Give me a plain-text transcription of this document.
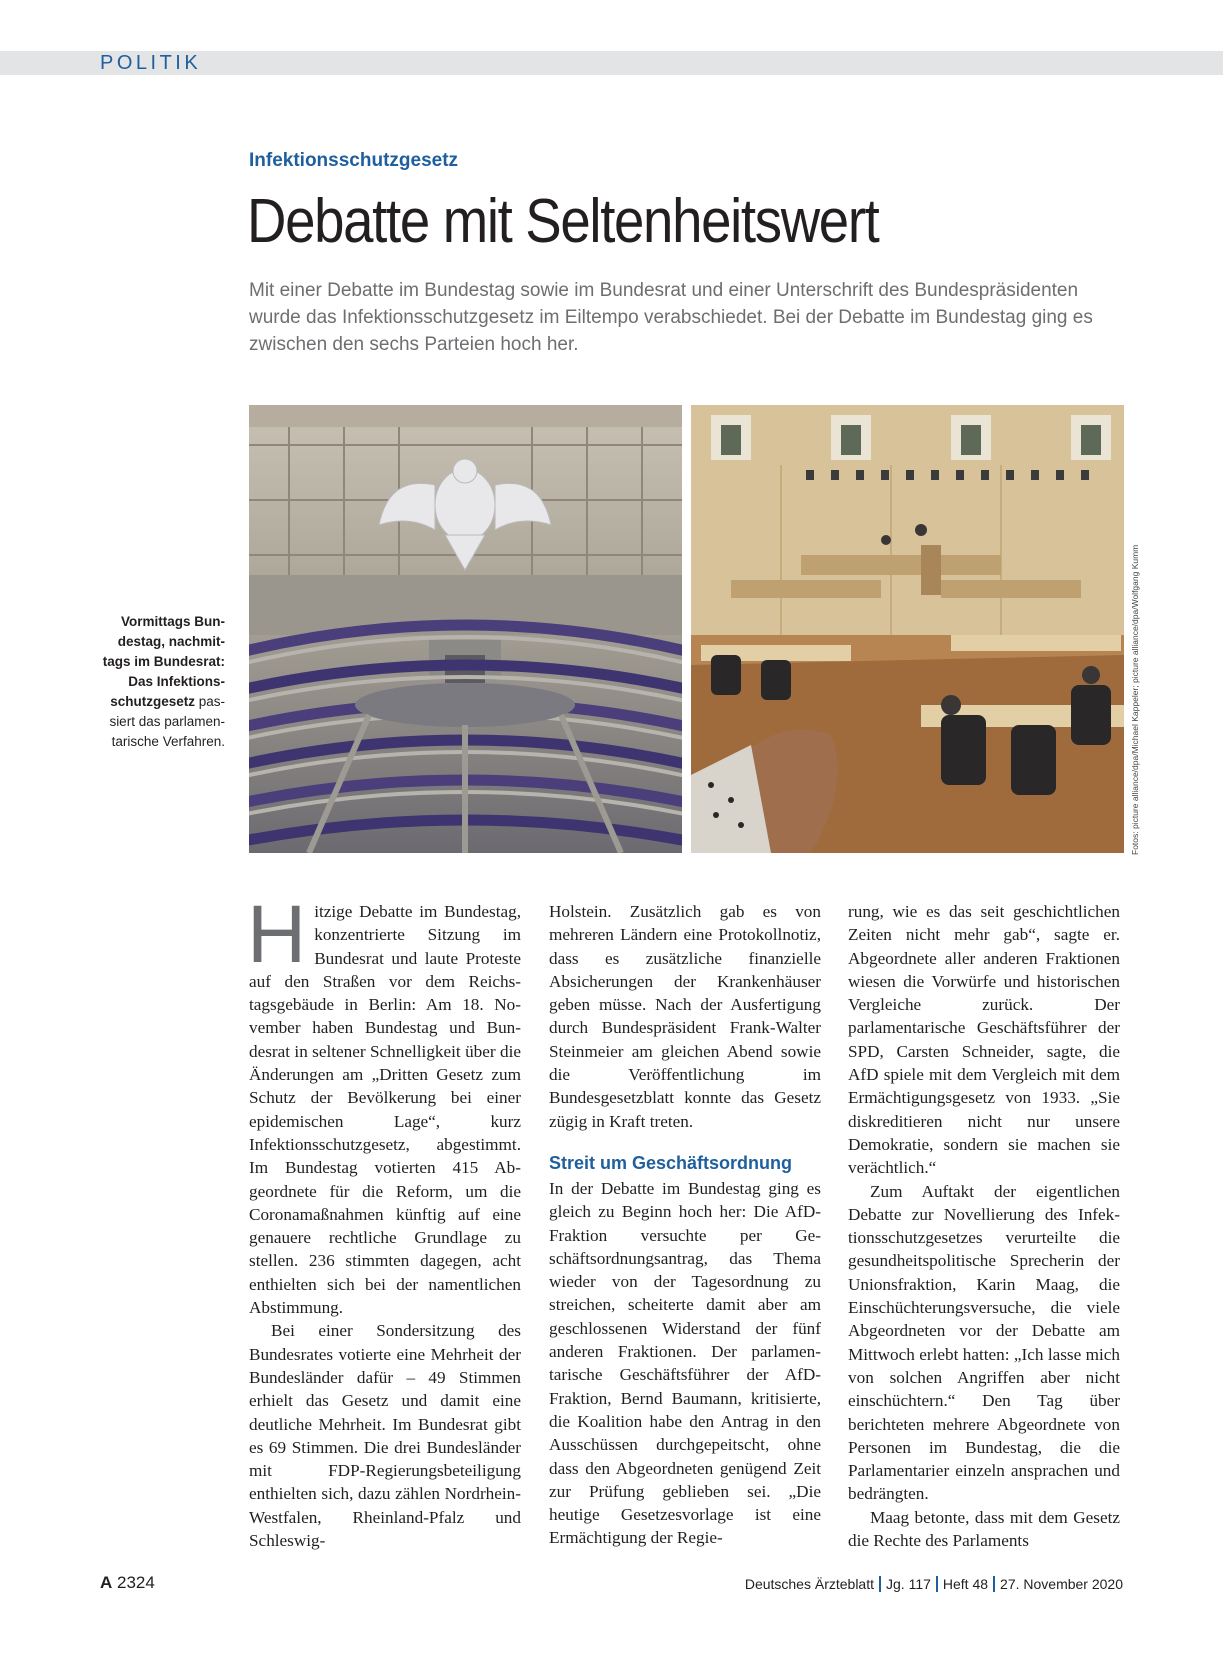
POLITIK
Infektionsschutzgesetz
Debatte mit Seltenheitswert
Mit einer Debatte im Bundestag sowie im Bundesrat und einer Unterschrift des Bundespräsidenten wurde das Infektionsschutzgesetz im Eiltempo verabschiedet. Bei der Debatte im Bundestag ging es zwischen den sechs Parteien hoch her.
Vormittags Bundestag, nachmittags im Bundesrat: Das Infektionsschutzgesetz passiert das parlamentarische Verfahren.	Fotos: picture alliance/dpa/Michael Kappeler; picture alliance/dpa/Wolfgang Kumm

Hitzige Debatte im Bundestag, konzentrierte Sitzung im Bundesrat und laute Proteste auf den Straßen vor dem Reichstagsgebäude in Berlin: Am 18. November haben Bundestag und Bundesrat in seltener Schnelligkeit über die Änderungen am „Dritten Gesetz zum Schutz der Bevölkerung bei einer epidemischen Lage“, kurz Infektionsschutzgesetz, abgestimmt. Im Bundestag votierten 415 Abgeordnete für die Reform, um die Coronamaßnahmen künftig auf eine genauere rechtliche Grundlage zu stellen. 236 stimmten dagegen, acht enthielten sich bei der namentlichen Abstimmung.

Bei einer Sondersitzung des Bundesrates votierte eine Mehrheit der Bundesländer dafür – 49 Stimmen erhielt das Gesetz und damit eine deutliche Mehrheit. Im Bundesrat gibt es 69 Stimmen. Die drei Bundesländer mit FDP-Regierungsbeteiligung enthielten sich, dazu zählen Nordrhein-Westfalen, Rheinland-Pfalz und Schleswig-

Holstein. Zusätzlich gab es von mehreren Ländern eine Protokollnotiz, dass es zusätzliche finanzielle Absicherungen der Krankenhäuser geben müsse. Nach der Ausfertigung durch Bundespräsident Frank-Walter Steinmeier am gleichen Abend sowie die Veröffentlichung im Bundesgesetzblatt konnte das Gesetz zügig in Kraft treten.

Streit um Geschäftsordnung

In der Debatte im Bundestag ging es gleich zu Beginn hoch her: Die AfD-Fraktion versuchte per Geschäftsordnungsantrag, das Thema wieder von der Tagesordnung zu streichen, scheiterte damit aber am geschlossenen Widerstand der fünf anderen Fraktionen. Der parlamentarische Geschäftsführer der AfD-Fraktion, Bernd Baumann, kritisierte, die Koalition habe den Antrag in den Ausschüssen durchgepeitscht, ohne dass den Abgeordneten genügend Zeit zur Prüfung geblieben sei. „Die heutige Gesetzesvorlage ist eine Ermächtigung der Regie-

rung, wie es das seit geschichtlichen Zeiten nicht mehr gab“, sagte er. Abgeordnete aller anderen Fraktionen wiesen die Vorwürfe und historischen Vergleiche zurück. Der parlamentarische Geschäftsführer der SPD, Carsten Schneider, sagte, die AfD spiele mit dem Vergleich mit dem Ermächtigungsgesetz von 1933. „Sie diskreditieren nicht nur unsere Demokratie, sondern sie machen sie verächtlich.“

Zum Auftakt der eigentlichen Debatte zur Novellierung des Infektionsschutzgesetzes verurteilte die gesundheitspolitische Sprecherin der Unionsfraktion, Karin Maag, die Einschüchterungsversuche, die viele Abgeordneten vor der Debatte am Mittwoch erlebt hatten: „Ich lasse mich von solchen Angriffen aber nicht einschüchtern.“ Den Tag über berichteten mehrere Abgeordnete von Personen im Bundestag, die die Parlamentarier einzeln ansprachen und bedrängten.

Maag betonte, dass mit dem Gesetz die Rechte des Parlaments

A 2324	Deutsches Ärzteblatt Jg. 117 Heft 48 27. November 2020
